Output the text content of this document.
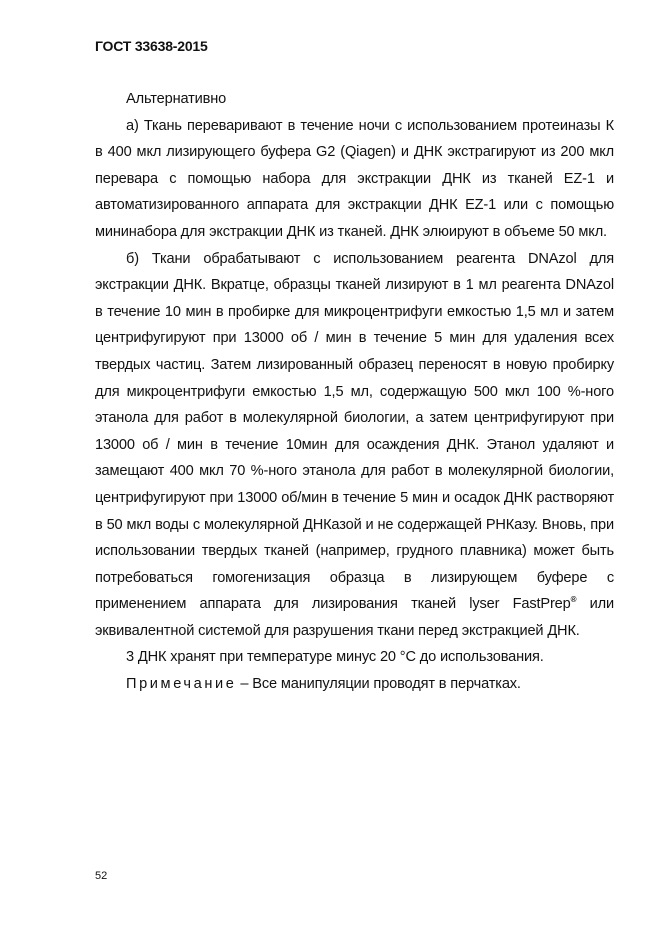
ГОСТ 33638-2015

Альтернативно

а) Ткань переваривают в течение ночи с использованием протеиназы К в 400 мкл лизирующего буфера G2 (Qiagen) и ДНК экстрагируют из 200 мкл перевара с помощью набора для экстракции ДНК из тканей EZ-1 и автоматизированного аппарата для экстракции ДНК EZ-1 или с помощью мининабора для экстракции ДНК из тканей. ДНК элюируют в объеме 50 мкл.

б) Ткани обрабатывают с использованием реагента DNAzol для экстракции ДНК. Вкратце, образцы тканей лизируют в 1 мл реагента DNAzol в течение 10 мин в пробирке для микроцентрифуги емкостью 1,5 мл и затем центрифугируют при 13000 об / мин в течение 5 мин для удаления всех твердых частиц. Затем лизированный образец переносят в новую пробирку для микроцентрифуги емкостью 1,5 мл, содержащую 500 мкл 100 %-ного этанола для работ в молекулярной биологии, а затем центрифугируют при 13000 об / мин в течение 10мин для осаждения ДНК. Этанол удаляют и замещают 400 мкл 70 %-ного этанола для работ в молекулярной биологии, центрифугируют при 13000 об/мин в течение 5 мин и осадок ДНК растворяют в 50 мкл воды с молекулярной ДНКазой и не содержащей РНКазу. Вновь, при использовании твердых тканей (например, грудного плавника) может быть потребоваться гомогенизация образца в лизирующем буфере с применением аппарата для лизирования тканей lyser FastPrep® или эквивалентной системой для разрушения ткани перед экстракцией ДНК.

3 ДНК хранят при температуре минус 20 °С до использования.

Примечание – Все манипуляции проводят в перчатках.

52
